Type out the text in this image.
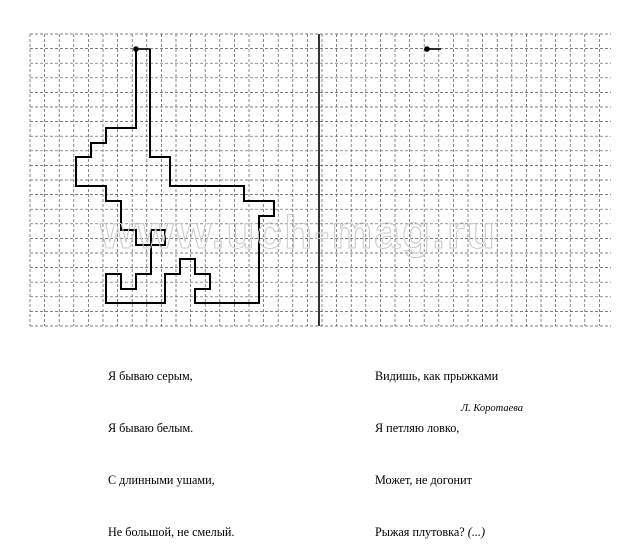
www.uch-mag.ru

Я бываю серым,

Я бываю белым.

С длинными ушами,

Не большой, не смелый.

Видишь, как прыжками

Я петляю ловко,

Может, не догонит

Рыжая плутовка? (...)

Л. Коротаева
